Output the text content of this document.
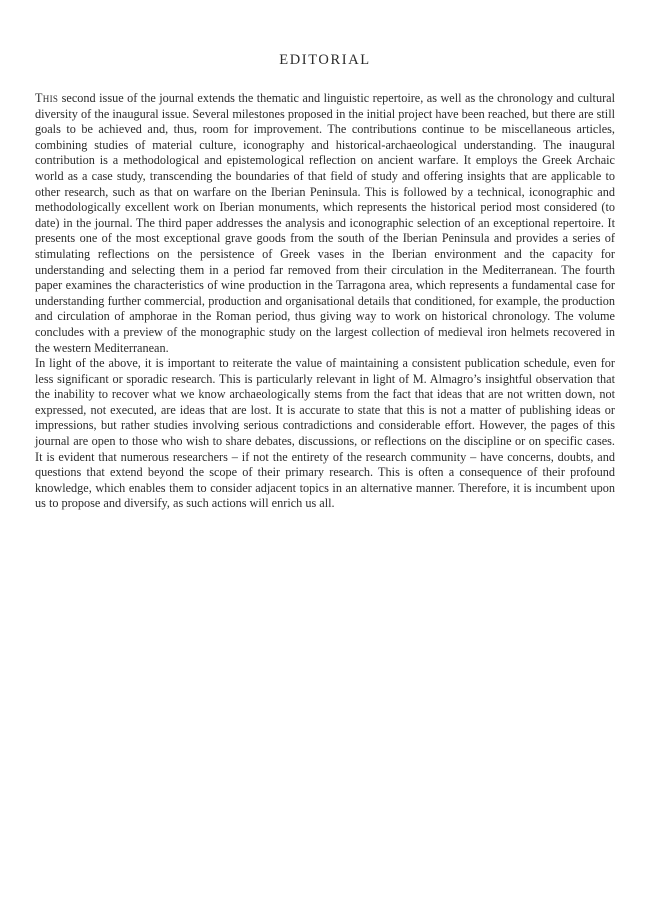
EDITORIAL

This second issue of the journal extends the thematic and linguistic repertoire, as well as the chronology and cultural diversity of the inaugural issue. Several milestones proposed in the initial project have been reached, but there are still goals to be achieved and, thus, room for improvement. The contributions continue to be miscellaneous articles, combining studies of material culture, iconography and historical-archaeological understanding. The inaugural contribution is a methodological and epistemological reflection on ancient warfare. It employs the Greek Archaic world as a case study, transcending the boundaries of that field of study and offering insights that are applicable to other research, such as that on warfare on the Iberian Peninsula. This is followed by a technical, iconographic and methodologically excellent work on Iberian monuments, which represents the historical period most considered (to date) in the journal. The third paper addresses the analysis and iconographic selection of an exceptional repertoire. It presents one of the most exceptional grave goods from the south of the Iberian Peninsula and provides a series of stimulating reflections on the persistence of Greek vases in the Iberian environment and the capacity for understanding and selecting them in a period far removed from their circulation in the Mediterranean. The fourth paper examines the characteristics of wine production in the Tarragona area, which represents a fundamental case for understanding further commercial, production and organisational details that conditioned, for example, the production and circulation of amphorae in the Roman period, thus giving way to work on historical chronology. The volume concludes with a preview of the monographic study on the largest collection of medieval iron helmets recovered in the western Mediterranean.

In light of the above, it is important to reiterate the value of maintaining a consistent publication schedule, even for less significant or sporadic research. This is particularly relevant in light of M. Almagro’s insightful observation that the inability to recover what we know archaeologically stems from the fact that ideas that are not written down, not expressed, not executed, are ideas that are lost. It is accurate to state that this is not a matter of publishing ideas or impressions, but rather studies involving serious contradictions and considerable effort. However, the pages of this journal are open to those who wish to share debates, discussions, or reflections on the discipline or on specific cases. It is evident that numerous researchers – if not the entirety of the research community – have concerns, doubts, and questions that extend beyond the scope of their primary research. This is often a consequence of their profound knowledge, which enables them to consider adjacent topics in an alternative manner. Therefore, it is incumbent upon us to propose and diversify, as such actions will enrich us all.
